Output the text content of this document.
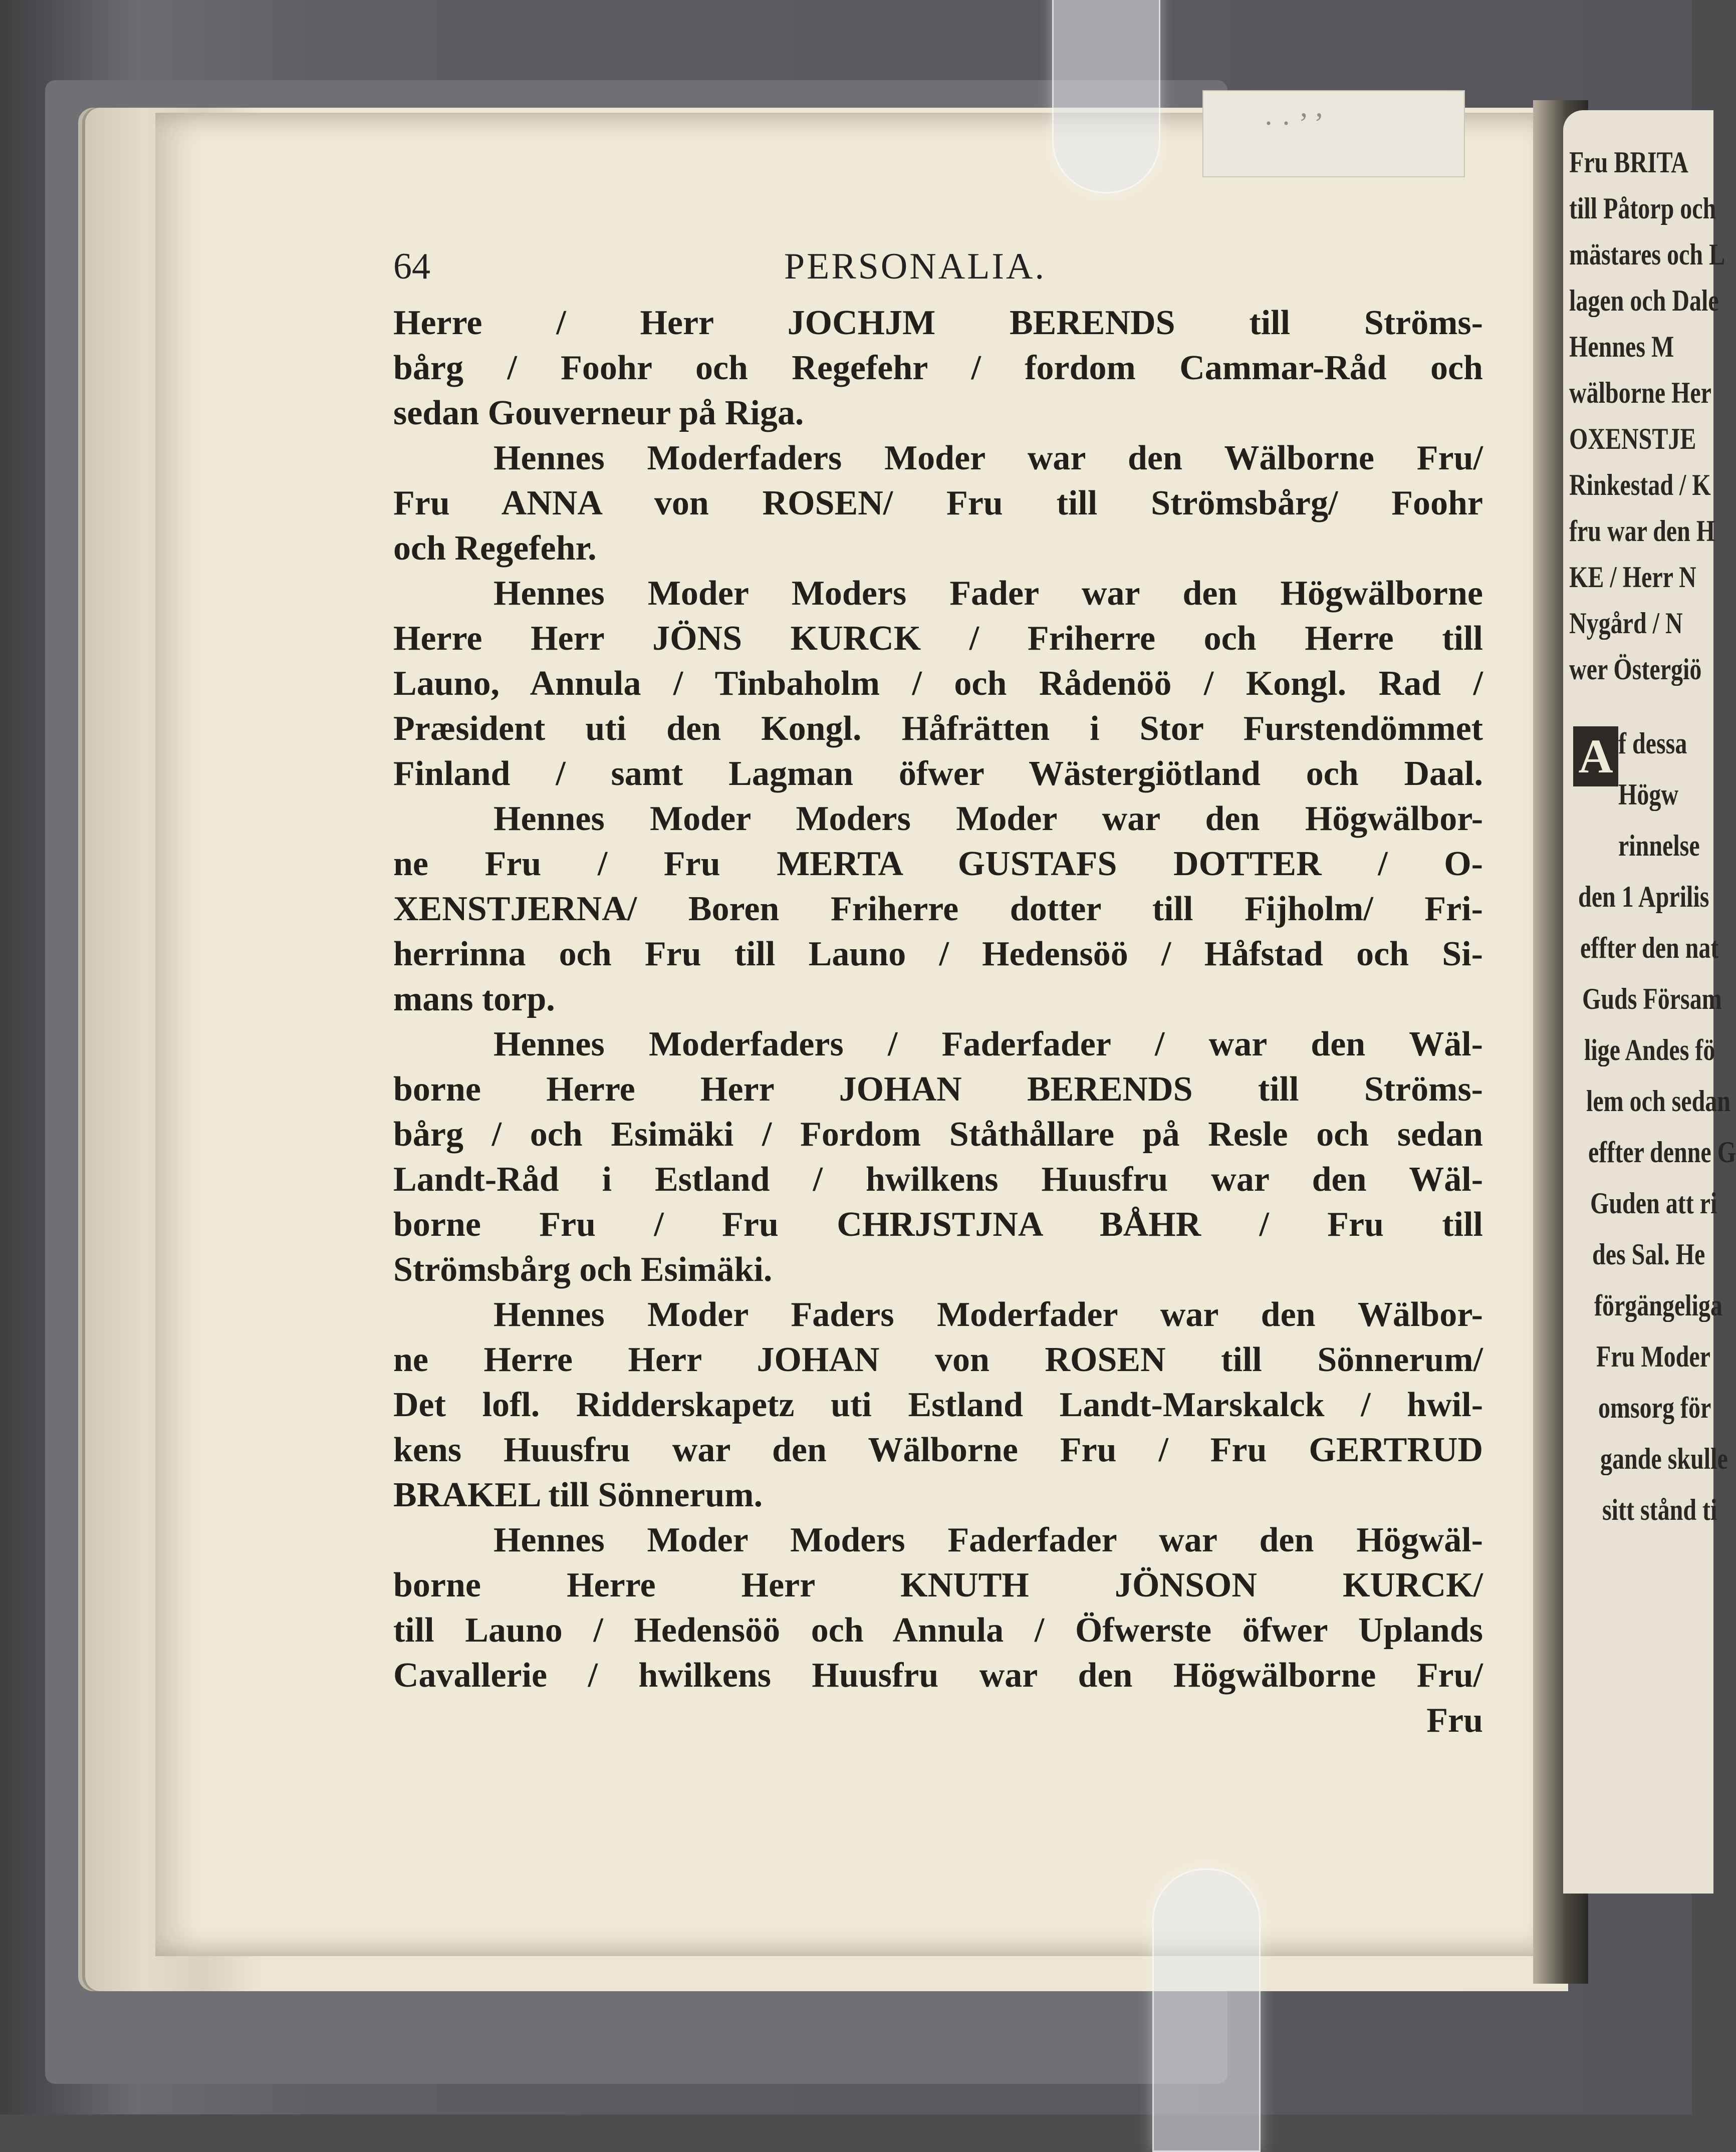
· · ’ ’
A
Fru BRITA
till Påtorp och
mästares och L
lagen och Dale
Hennes M
wälborne Her
OXENSTJE
Rinkestad / K
fru war den H
KE / Herr N
Nygård / N
wer Östergiö
f dessa
Högw
rinnelse
den 1 Aprilis
effter den nat
Guds Försam
lige Andes fö
lem och sedan
effter denne G
Guden att ri
des Sal. He
förgängeliga
Fru Moder
omsorg för
gande skulle
sitt stånd ti
64	PERSONALIA.
Herre / Herr JOCHJM BERENDS till Ströms-
bårg / Foohr och Regefehr / fordom Cammar-Råd och
sedan Gouverneur på Riga.
Hennes Moderfaders Moder war den Wälborne Fru/
Fru ANNA von ROSEN/ Fru till Strömsbårg/ Foohr
och Regefehr.
Hennes Moder Moders Fader war den Högwälborne
Herre Herr JÖNS KURCK / Friherre och Herre till
Launo, Annula / Tinbaholm / och Rådenöö / Kongl. Rad /
Præsident uti den Kongl. Håfrätten i Stor Furstendömmet
Finland / samt Lagman öfwer Wästergiötland och Daal.
Hennes Moder Moders Moder war den Högwälbor-
ne Fru / Fru MERTA GUSTAFS DOTTER / O-
XENSTJERNA/ Boren Friherre dotter till Fijholm/ Fri-
herrinna och Fru till Launo / Hedensöö / Håfstad och Si-
mans torp.
Hennes Moderfaders / Faderfader / war den Wäl-
borne Herre Herr JOHAN BERENDS till Ströms-
bårg / och Esimäki / Fordom Ståthållare på Resle och sedan
Landt-Råd i Estland / hwilkens Huusfru war den Wäl-
borne Fru / Fru CHRJSTJNA BÅHR / Fru till
Strömsbårg och Esimäki.
Hennes Moder Faders Moderfader war den Wälbor-
ne Herre Herr JOHAN von ROSEN till Sönnerum/
Det lofl. Ridderskapetz uti Estland Landt-Marskalck / hwil-
kens Huusfru war den Wälborne Fru / Fru GERTRUD
BRAKEL till Sönnerum.
Hennes Moder Moders Faderfader war den Högwäl-
borne Herre Herr KNUTH JÖNSON KURCK/
till Launo / Hedensöö och Annula / Öfwerste öfwer Uplands
Cavallerie / hwilkens Huusfru war den Högwälborne Fru/
Fru
